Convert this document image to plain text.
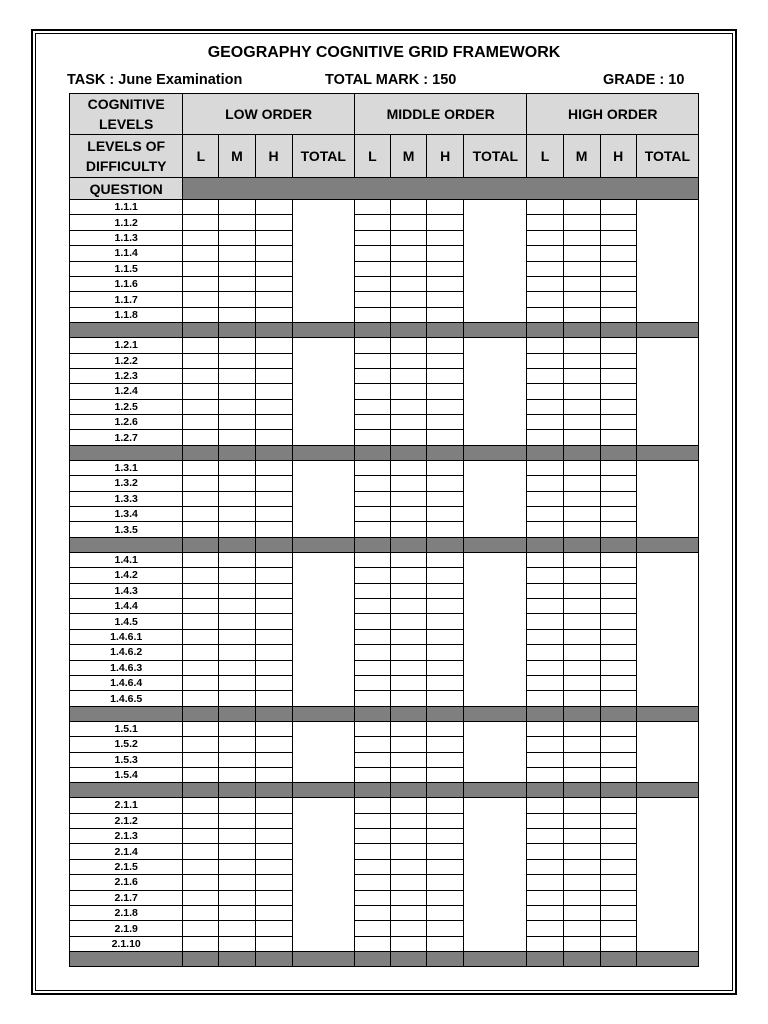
GEOGRAPHY COGNITIVE GRID FRAMEWORK
TASK : June Examination	TOTAL MARK : 150	GRADE : 10
COGNITIVE LEVELS	LOW ORDER				MIDDLE ORDER				HIGH ORDER			
LEVELS OF DIFFICULTY	L	M	H	TOTAL	L	M	H	TOTAL	L	M	H	TOTAL
QUESTION												
1.1.1												
1.1.2												
1.1.3												
1.1.4												
1.1.5												
1.1.6												
1.1.7												
1.1.8												

1.2.1												
1.2.2												
1.2.3												
1.2.4												
1.2.5												
1.2.6												
1.2.7												

1.3.1												
1.3.2												
1.3.3												
1.3.4												
1.3.5												

1.4.1												
1.4.2												
1.4.3												
1.4.4												
1.4.5												
1.4.6.1												
1.4.6.2												
1.4.6.3												
1.4.6.4												
1.4.6.5												

1.5.1												
1.5.2												
1.5.3												
1.5.4												

2.1.1												
2.1.2												
2.1.3												
2.1.4												
2.1.5												
2.1.6												
2.1.7												
2.1.8												
2.1.9												
2.1.10												
